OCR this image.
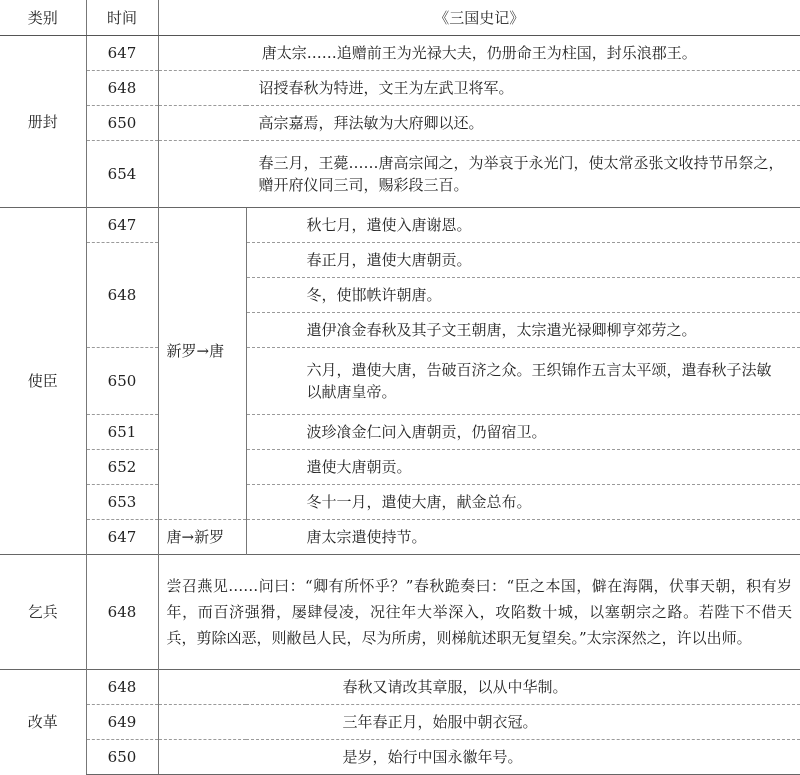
类别	时间	《三国史记》	
册封	647	唐太宗……追赠前王为光禄大夫，仍册命王为柱国，封乐浪郡王。	
	648	诏授春秋为特进，文王为左武卫将军。	
	650	高宗嘉焉，拜法敏为大府卿以还。	
	654	春三月，王薨……唐高宗闻之，为举哀于永光门，使太常丞张文收持节吊祭之，赠开府仪同三司，赐彩段三百。	
使臣	647	新罗→唐	秋七月，遣使入唐谢恩。
	648		春正月，遣使大唐朝贡。
			冬，使邯帙许朝唐。
			遣伊飡金春秋及其子文王朝唐，太宗遣光禄卿柳亨郊劳之。
	650		六月，遣使大唐，告破百济之众。王织锦作五言太平颂，遣春秋子法敏以献唐皇帝。
	651		波珍飡金仁问入唐朝贡，仍留宿卫。
	652		遣使大唐朝贡。
	653		冬十一月，遣使大唐，献金总布。
	647	唐→新罗	唐太宗遣使持节。
乞兵	648	尝召燕见……问曰：“卿有所怀乎？”春秋跪奏曰：“臣之本国，僻在海隅，伏事天朝，积有岁年，而百济强猾，屡肆侵凌，况往年大举深入，攻陷数十城，以塞朝宗之路。若陛下不借天兵，剪除凶恶，则敝邑人民，尽为所虏，则梯航述职无复望矣。”太宗深然之，许以出师。	
改革	648	春秋又请改其章服，以从中华制。	
	649	三年春正月，始服中朝衣冠。	
	650	是岁，始行中国永徽年号。	
